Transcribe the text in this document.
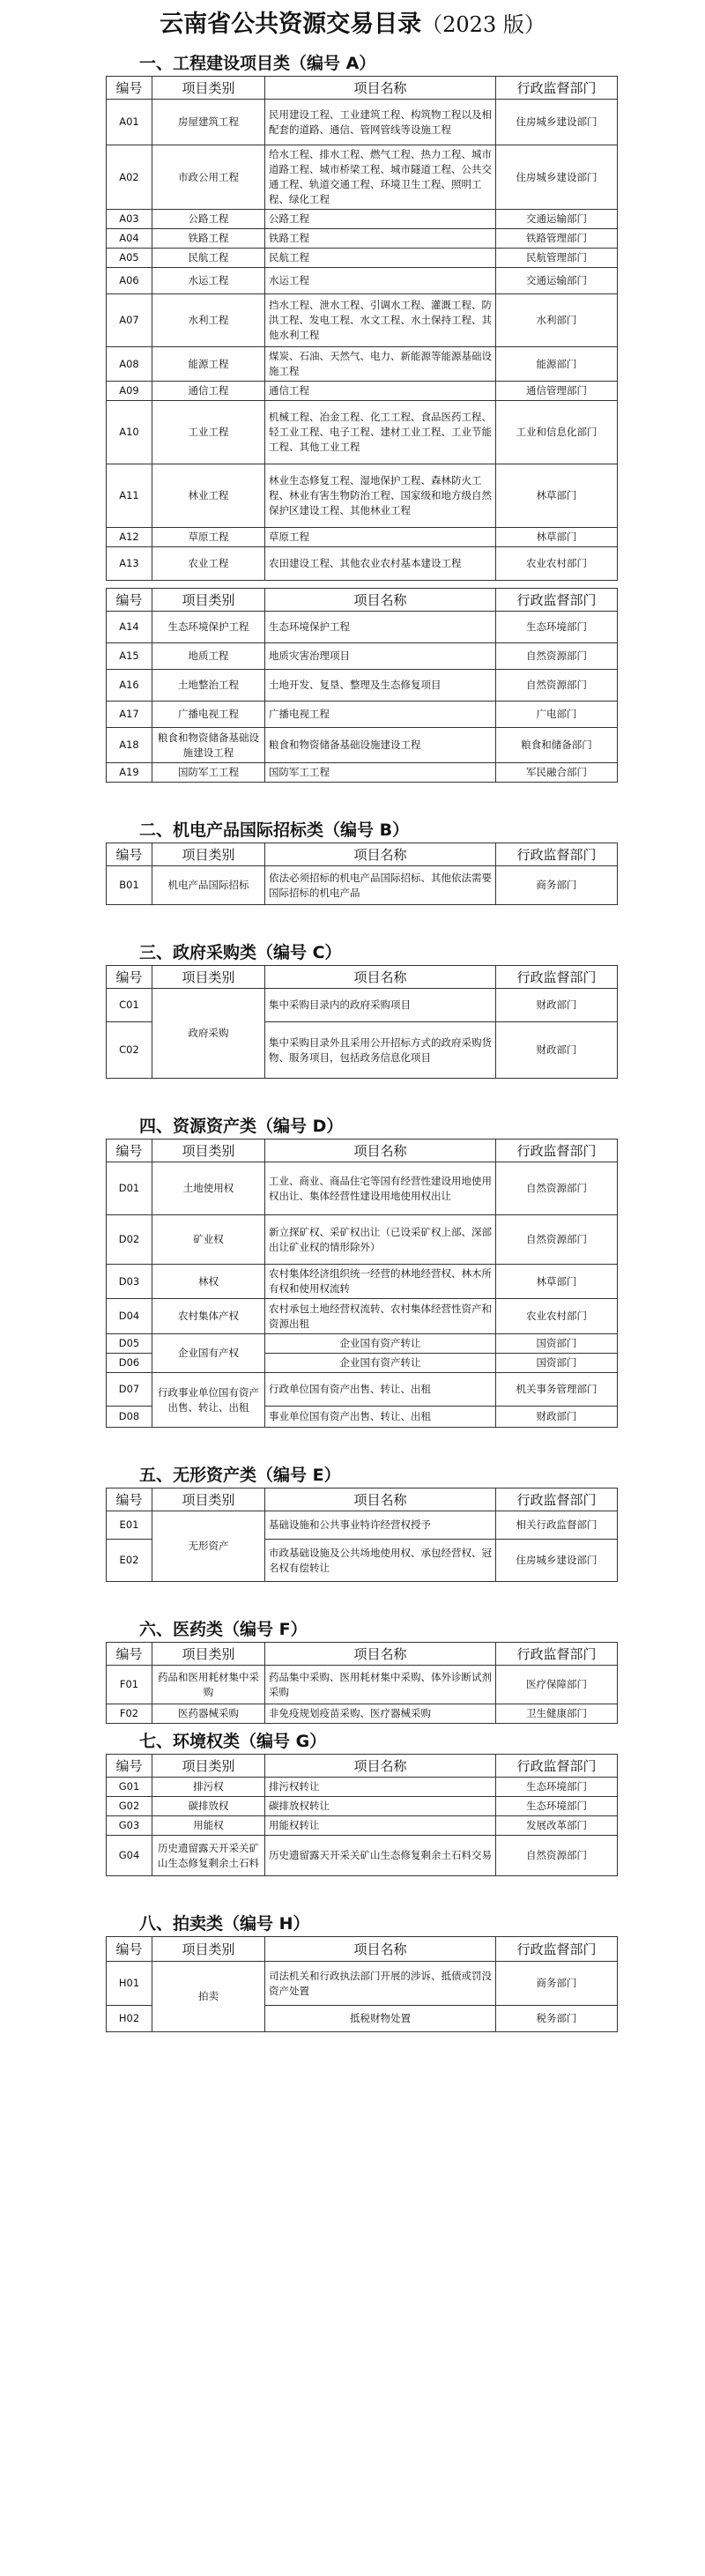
云南省公共资源交易目录（2023 版）
一、工程建设项目类（编号 A）
编号	项目类别	项目名称	行政监督部门
A01	房屋建筑工程	民用建设工程、工业建筑工程、构筑物工程以及相配套的道路、通信、管网管线等设施工程	住房城乡建设部门
A02	市政公用工程	给水工程、排水工程、燃气工程、热力工程、城市道路工程、城市桥梁工程、城市隧道工程、公共交通工程、轨道交通工程、环境卫生工程、照明工程、绿化工程	住房城乡建设部门
A03	公路工程	公路工程	交通运输部门
A04	铁路工程	铁路工程	铁路管理部门
A05	民航工程	民航工程	民航管理部门
A06	水运工程	水运工程	交通运输部门
A07	水利工程	挡水工程、泄水工程、引调水工程、灌溉工程、防洪工程、发电工程、水文工程、水土保持工程、其他水利工程	水利部门
A08	能源工程	煤炭、石油、天然气、电力、新能源等能源基础设施工程	能源部门
A09	通信工程	通信工程	通信管理部门
A10	工业工程	机械工程、冶金工程、化工工程、食品医药工程、轻工业工程、电子工程、建材工业工程、工业节能工程、其他工业工程	工业和信息化部门
A11	林业工程	林业生态修复工程、湿地保护工程、森林防火工程、林业有害生物防治工程、国家级和地方级自然保护区建设工程、其他林业工程	林草部门
A12	草原工程	草原工程	林草部门
A13	农业工程	农田建设工程、其他农业农村基本建设工程	农业农村部门
编号	项目类别	项目名称	行政监督部门
A14	生态环境保护工程	生态环境保护工程	生态环境部门
A15	地质工程	地质灾害治理项目	自然资源部门
A16	土地整治工程	土地开发、复垦、整理及生态修复项目	自然资源部门
A17	广播电视工程	广播电视工程	广电部门
A18	粮食和物资储备基础设施建设工程	粮食和物资储备基础设施建设工程	粮食和储备部门
A19	国防军工工程	国防军工工程	军民融合部门
二、机电产品国际招标类（编号 B）
编号	项目类别	项目名称	行政监督部门
B01	机电产品国际招标	依法必须招标的机电产品国际招标、其他依法需要国际招标的机电产品	商务部门
三、政府采购类（编号 C）
编号	项目类别	项目名称	行政监督部门
C01	政府采购	集中采购目录内的政府采购项目	财政部门
C02		集中采购目录外且采用公开招标方式的政府采购货物、服务项目，包括政务信息化项目	财政部门
四、资源资产类（编号 D）
编号	项目类别	项目名称	行政监督部门
D01	土地使用权	工业、商业、商品住宅等国有经营性建设用地使用权出让、集体经营性建设用地使用权出让	自然资源部门
D02	矿业权	新立探矿权、采矿权出让（已设采矿权上部、深部出让矿业权的情形除外）	自然资源部门
D03	林权	农村集体经济组织统一经营的林地经营权、林木所有权和使用权流转	林草部门
D04	农村集体产权	农村承包土地经营权流转、农村集体经营性资产和资源出租	农业农村部门
D05	企业国有产权	企业国有资产转让	国资部门
D06		企业国有资产转让	国资部门
D07	行政事业单位国有资产出售、转让、出租	行政单位国有资产出售、转让、出租	机关事务管理部门
D08		事业单位国有资产出售、转让、出租	财政部门
五、无形资产类（编号 E）
编号	项目类别	项目名称	行政监督部门
E01	无形资产	基础设施和公共事业特许经营权授予	相关行政监督部门
E02		市政基础设施及公共场地使用权、承包经营权、冠名权有偿转让	住房城乡建设部门
六、医药类（编号 F）
编号	项目类别	项目名称	行政监督部门
F01	药品和医用耗材集中采购	药品集中采购、医用耗材集中采购、体外诊断试剂采购	医疗保障部门
F02	医药器械采购	非免疫规划疫苗采购、医疗器械采购	卫生健康部门
七、环境权类（编号 G）
编号	项目类别	项目名称	行政监督部门
G01	排污权	排污权转让	生态环境部门
G02	碳排放权	碳排放权转让	生态环境部门
G03	用能权	用能权转让	发展改革部门
G04	历史遗留露天开采关矿山生态修复剩余土石料	历史遗留露天开采关矿山生态修复剩余土石料交易	自然资源部门
八、拍卖类（编号 H）
编号	项目类别	项目名称	行政监督部门
H01	拍卖	司法机关和行政执法部门开展的涉诉、抵债或罚没资产处置	商务部门
H02		抵税财物处置	税务部门
